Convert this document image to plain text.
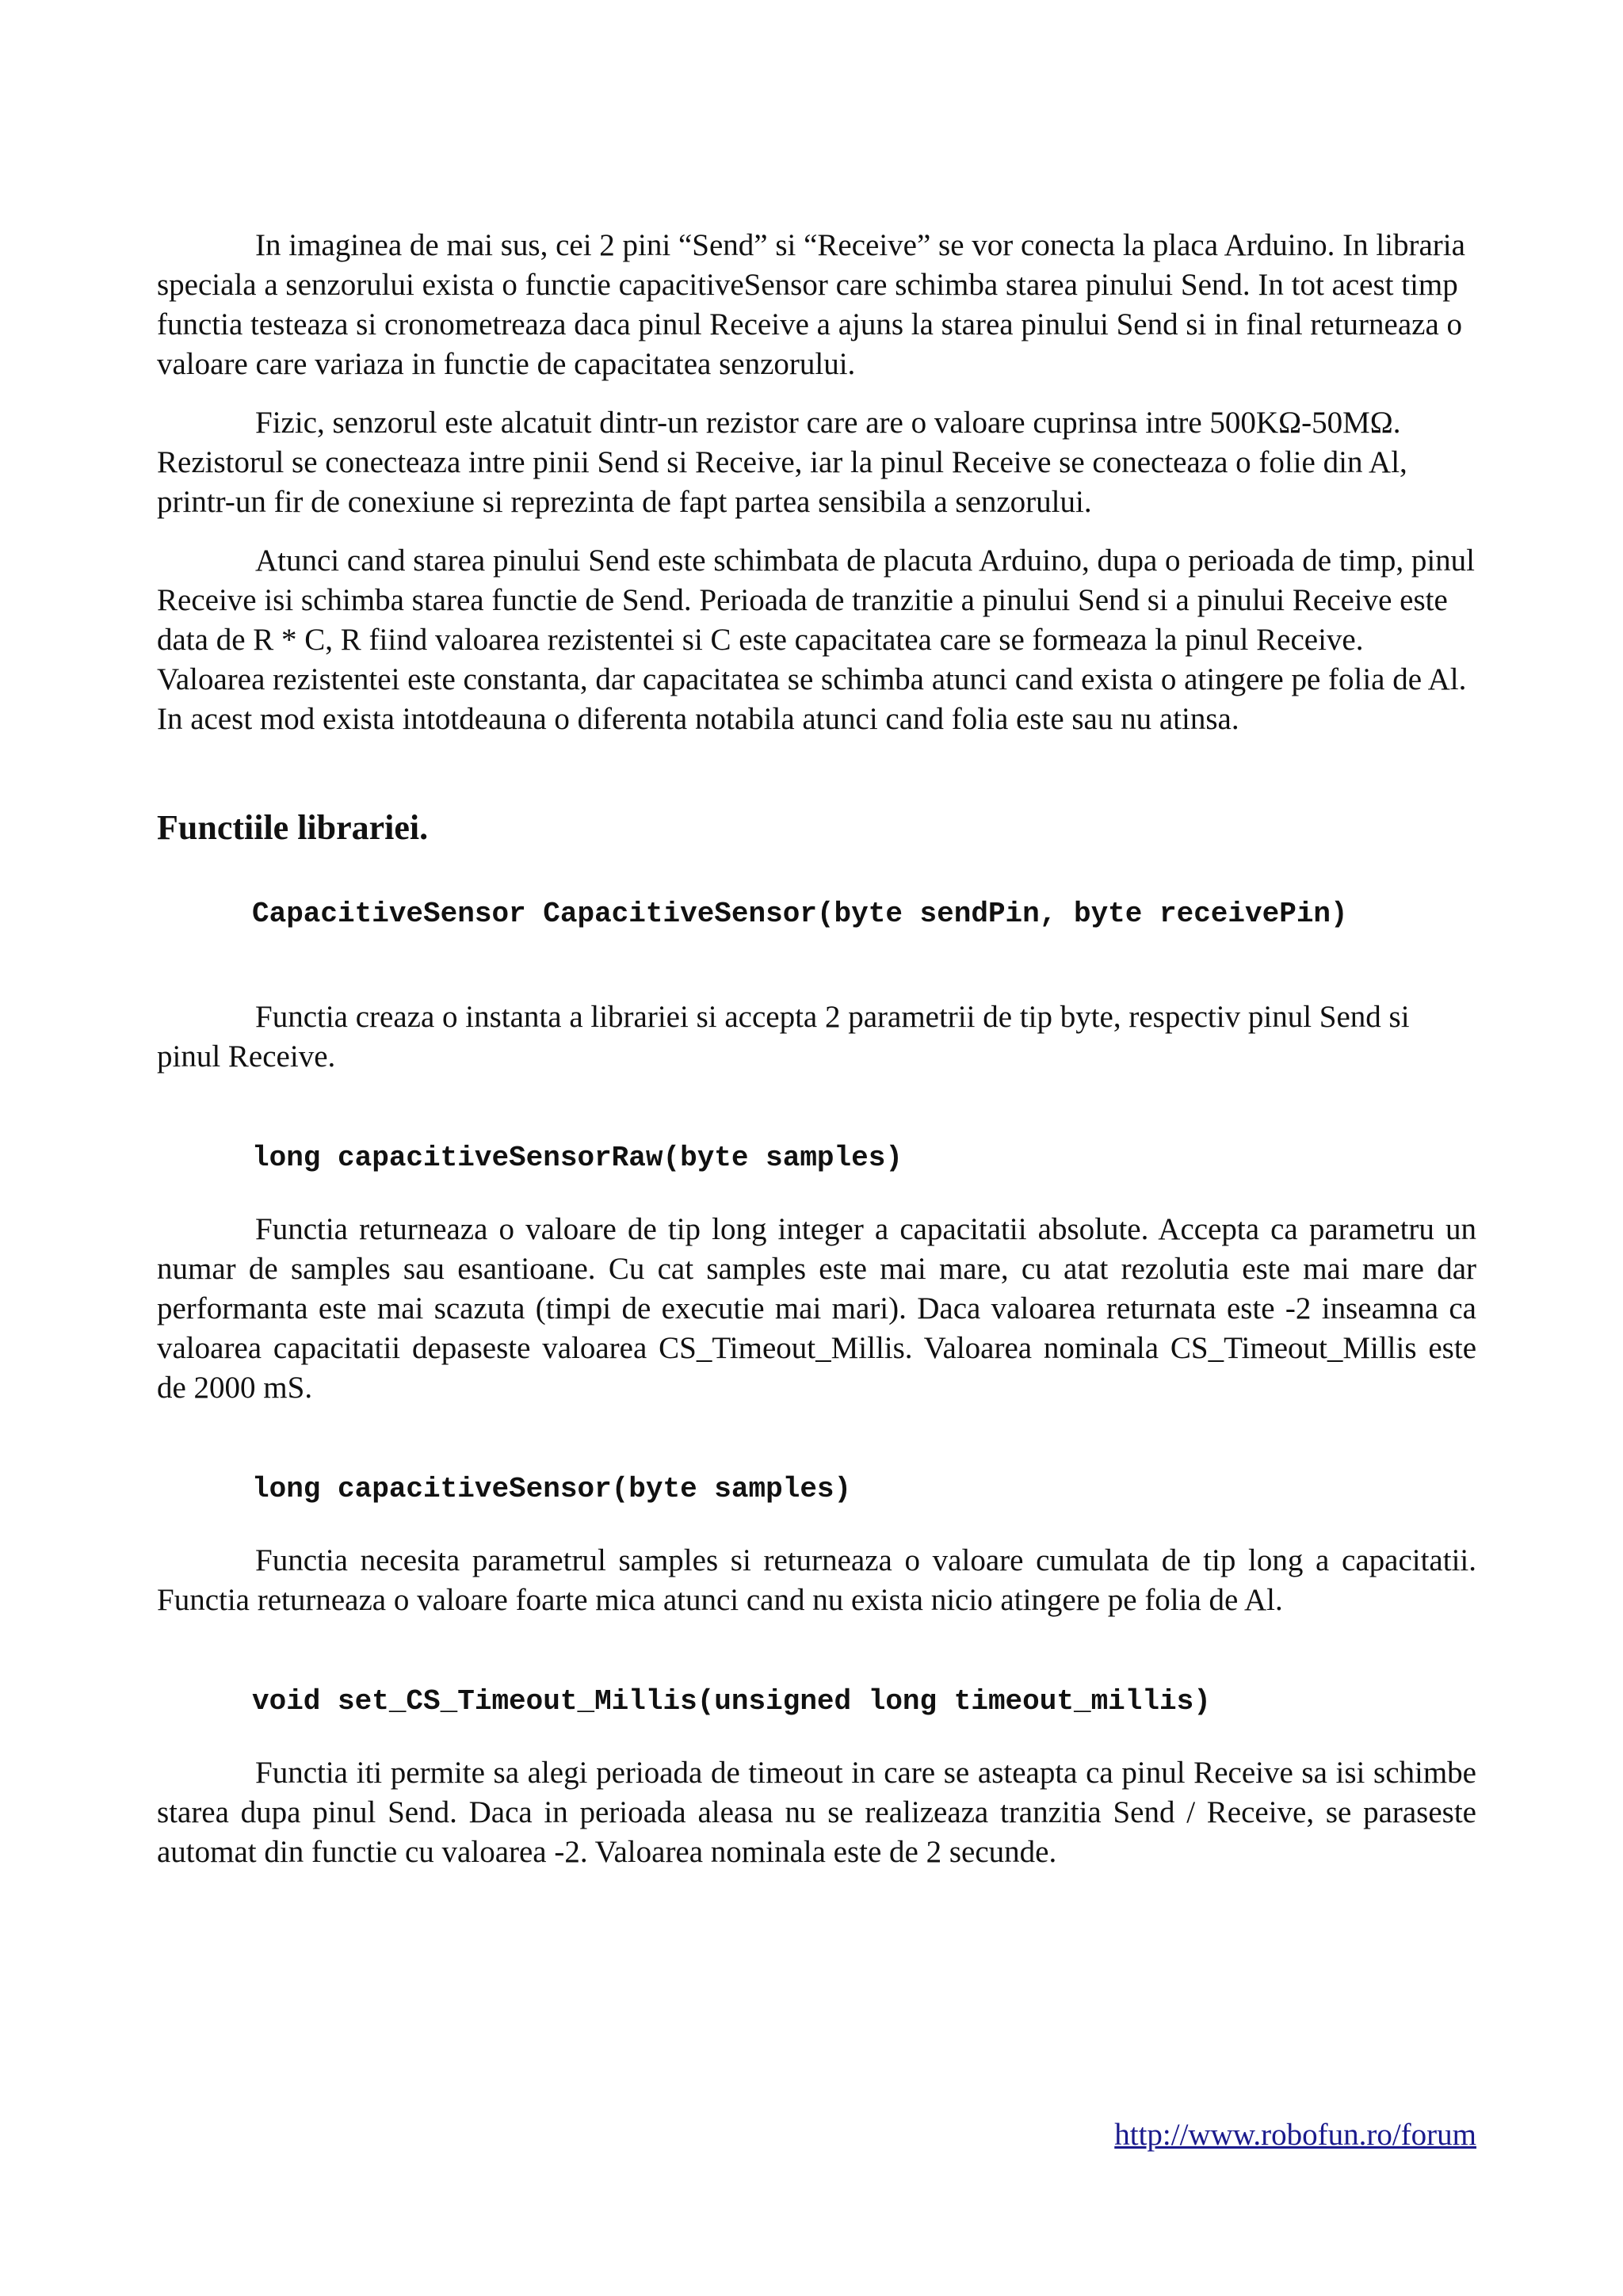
In imaginea de mai sus, cei 2 pini “Send” si “Receive” se vor conecta la placa Arduino. In libraria speciala a senzorului exista o functie capacitiveSensor care schimba starea pinului Send. In tot acest timp functia testeaza si cronometreaza daca pinul Receive a ajuns la starea pinului Send si in final returneaza o valoare care variaza in functie de capacitatea senzorului.

Fizic, senzorul este alcatuit dintr-un rezistor care are o valoare cuprinsa intre 500KΩ-50MΩ. Rezistorul se conecteaza intre pinii Send si Receive, iar la pinul Receive se conecteaza o folie din Al, printr-un fir de conexiune si reprezinta de fapt partea sensibila a senzorului.

Atunci cand starea pinului Send este schimbata de placuta Arduino, dupa o perioada de timp, pinul Receive isi schimba starea functie de Send. Perioada de tranzitie a pinului Send si a pinului Receive este data de R * C, R fiind valoarea rezistentei si C este capacitatea care se formeaza la pinul Receive. Valoarea rezistentei este constanta, dar capacitatea se schimba atunci cand exista o atingere pe folia de Al. In acest mod exista intotdeauna o diferenta notabila atunci cand folia este sau nu atinsa.

Functiile librariei.
CapacitiveSensor CapacitiveSensor(byte sendPin, byte receivePin)

Functia creaza o instanta a librariei si accepta 2 parametrii de tip byte, respectiv pinul Send si pinul Receive.

long capacitiveSensorRaw(byte samples)

Functia returneaza o valoare de tip long integer a capacitatii absolute. Accepta ca parametru un numar de samples sau esantioane. Cu cat samples este mai mare, cu atat rezolutia este mai mare dar performanta este mai scazuta (timpi de executie mai mari). Daca valoarea returnata este -2 inseamna ca valoarea capacitatii depaseste valoarea CS_Timeout_Millis. Valoarea nominala CS_Timeout_Millis este de 2000 mS.

long capacitiveSensor(byte samples)

Functia necesita parametrul samples si returneaza o valoare cumulata de tip long a capacitatii. Functia returneaza o valoare foarte mica atunci cand nu exista nicio atingere pe folia de Al.

void set_CS_Timeout_Millis(unsigned long timeout_millis)

Functia iti permite sa alegi perioada de timeout in care se asteapta ca pinul Receive sa isi schimbe starea dupa pinul Send. Daca in perioada aleasa nu se realizeaza tranzitia Send / Receive, se paraseste automat din functie cu valoarea -2. Valoarea nominala este de 2 secunde.

http://www.robofun.ro/forum
